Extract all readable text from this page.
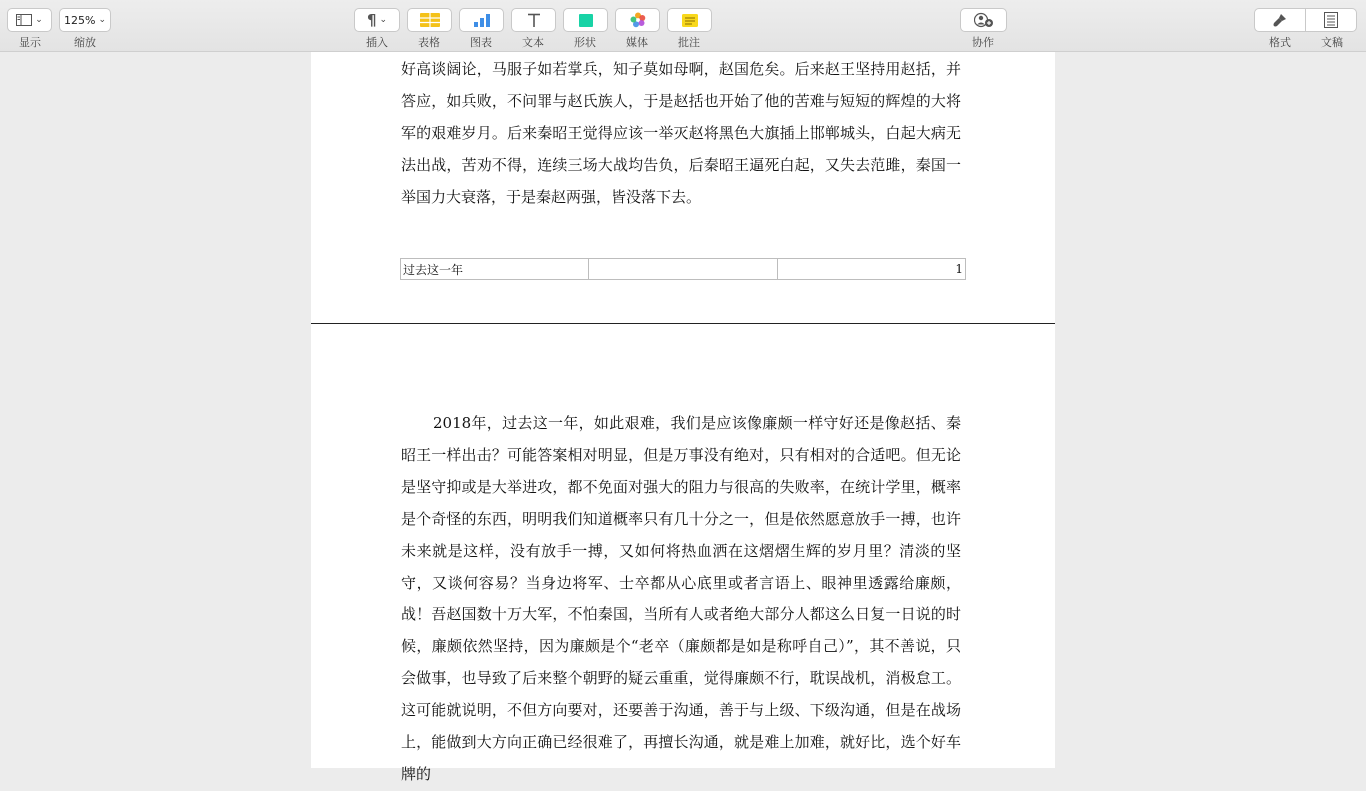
⌄
显示
125% ⌄
缩放
¶ ⌄
插入	表格	图表	文本	形状	媒体	批注	协作	格式	文稿
好高谈阔论，马服子如若掌兵，知子莫如母啊，赵国危矣。后来赵王坚持用赵括，并答应，如兵败，不问罪与赵氏族人，于是赵括也开始了他的苦难与短短的辉煌的大将军的艰难岁月。后来秦昭王觉得应该一举灭赵将黑色大旗插上邯郸城头，白起大病无法出战，苦劝不得，连续三场大战均告负，后秦昭王逼死白起，又失去范雎，秦国一举国力大衰落，于是秦赵两强，皆没落下去。
过去这一年		1
2018年，过去这一年，如此艰难，我们是应该像廉颇一样守好还是像赵括、秦昭王一样出击？可能答案相对明显，但是万事没有绝对，只有相对的合适吧。但无论是坚守抑或是大举进攻，都不免面对强大的阻力与很高的失败率，在统计学里，概率是个奇怪的东西，明明我们知道概率只有几十分之一，但是依然愿意放手一搏，也许未来就是这样，没有放手一搏，又如何将热血洒在这熠熠生辉的岁月里？清淡的坚守，又谈何容易？当身边将军、士卒都从心底里或者言语上、眼神里透露给廉颇，战！吾赵国数十万大军，不怕秦国，当所有人或者绝大部分人都这么日复一日说的时候，廉颇依然坚持，因为廉颇是个“老卒（廉颇都是如是称呼自己）”，其不善说，只会做事，也导致了后来整个朝野的疑云重重，觉得廉颇不行，耽误战机，消极怠工。这可能就说明，不但方向要对，还要善于沟通，善于与上级、下级沟通，但是在战场上，能做到大方向正确已经很难了，再擅长沟通，就是难上加难，就好比，选个好车牌的
